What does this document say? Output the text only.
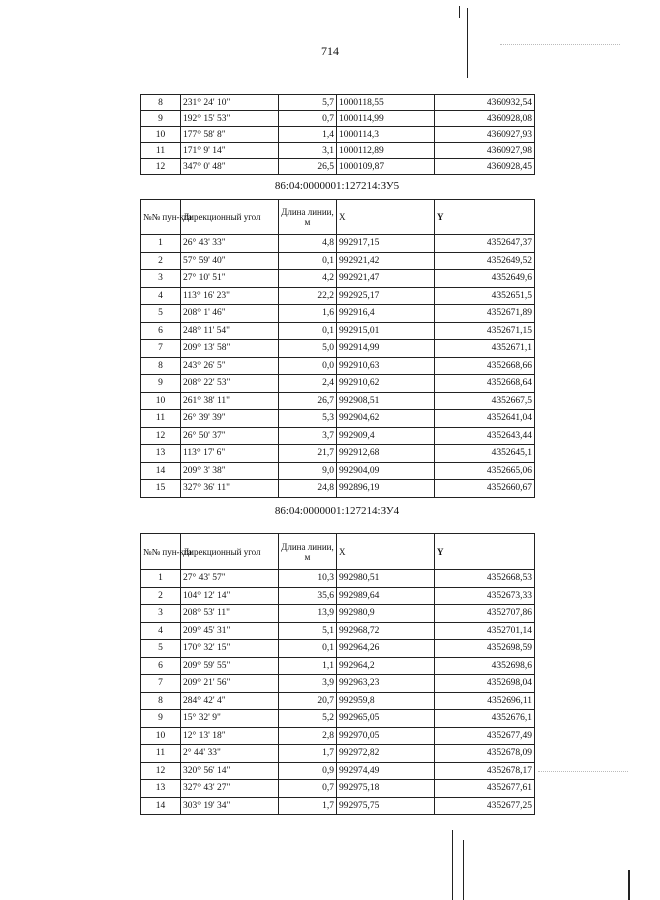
714
8	231° 24' 10"	5,7	1000118,55	4360932,54
9	192° 15' 53"	0,7	1000114,99	4360928,08
10	177° 58' 8"	1,4	1000114,3	4360927,93
11	171° 9' 14"	3,1	1000112,89	4360927,98
12	347° 0' 48"	26,5	1000109,87	4360928,45
86:04:0000001:127214:ЗУ5
№№ пун-кта	Дирекционный угол	Длина линии, м	X	Y
1	26° 43' 33"	4,8	992917,15	4352647,37
2	57° 59' 40"	0,1	992921,42	4352649,52
3	27° 10' 51"	4,2	992921,47	4352649,6
4	113° 16' 23"	22,2	992925,17	4352651,5
5	208° 1' 46"	1,6	992916,4	4352671,89
6	248° 11' 54"	0,1	992915,01	4352671,15
7	209° 13' 58"	5,0	992914,99	4352671,1
8	243° 26' 5"	0,0	992910,63	4352668,66
9	208° 22' 53"	2,4	992910,62	4352668,64
10	261° 38' 11"	26,7	992908,51	4352667,5
11	26° 39' 39"	5,3	992904,62	4352641,04
12	26° 50' 37"	3,7	992909,4	4352643,44
13	113° 17' 6"	21,7	992912,68	4352645,1
14	209° 3' 38"	9,0	992904,09	4352665,06
15	327° 36' 11"	24,8	992896,19	4352660,67
86:04:0000001:127214:ЗУ4
№№ пун-кта	Дирекционный угол	Длина линии, м	X	Y
1	27° 43' 57"	10,3	992980,51	4352668,53
2	104° 12' 14"	35,6	992989,64	4352673,33
3	208° 53' 11"	13,9	992980,9	4352707,86
4	209° 45' 31"	5,1	992968,72	4352701,14
5	170° 32' 15"	0,1	992964,26	4352698,59
6	209° 59' 55"	1,1	992964,2	4352698,6
7	209° 21' 56"	3,9	992963,23	4352698,04
8	284° 42' 4"	20,7	992959,8	4352696,11
9	15° 32' 9"	5,2	992965,05	4352676,1
10	12° 13' 18"	2,8	992970,05	4352677,49
11	2° 44' 33"	1,7	992972,82	4352678,09
12	320° 56' 14"	0,9	992974,49	4352678,17
13	327° 43' 27"	0,7	992975,18	4352677,61
14	303° 19' 34"	1,7	992975,75	4352677,25
